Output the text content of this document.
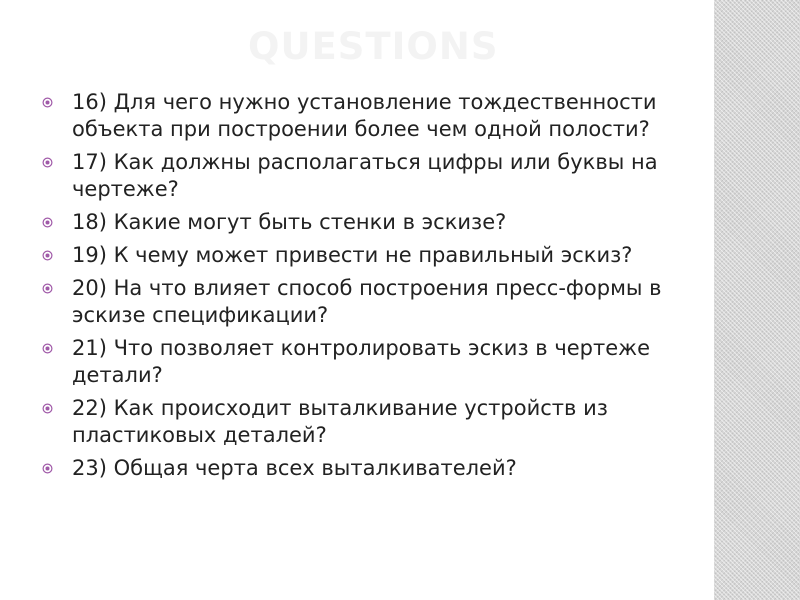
QUESTIONS
16) Для чего нужно установление тождественности объекта при построении более чем одной полости?
17) Как должны располагаться цифры или буквы на чертеже?
18) Какие могут быть стенки в эскизе?
19) К чему может привести не правильный эскиз?
20) На что влияет способ построения пресс-формы в эскизе спецификации?
21) Что позволяет контролировать эскиз в чертеже детали?
22) Как происходит выталкивание устройств из пластиковых деталей?
23) Общая черта всех выталкивателей?
